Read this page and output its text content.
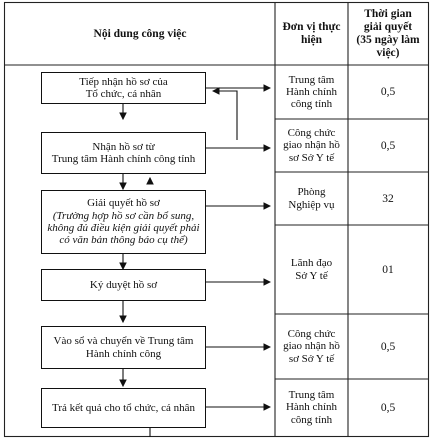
Nội dung công việc
Đơn vị thực
hiện
Thời gian
giải quyết
(35 ngày làm
việc)
Tiếp nhận hồ sơ của
Tổ chức, cá nhân
Nhận hồ sơ từ
Trung tâm Hành chính công tỉnh
Giải quyết hồ sơ
(Trường hợp hồ sơ cần bổ sung,
không đủ điều kiện giải quyết phải
có văn bản thông báo cụ thể)
Ký duyệt hồ sơ
Vào sổ và chuyển về Trung tâm
Hành chính công
Trả kết quả cho tổ chức, cá nhân
Trung tâm
Hành chính
công tỉnh
Công chức
giao nhận hồ
sơ Sở Y tế
Phòng
Nghiệp vụ
Lãnh đạo
Sở Y tế
Công chức
giao nhận hồ
sơ Sở Y tế
Trung tâm
Hành chính
công tỉnh
0,5
0,5
32
01
0,5
0,5
